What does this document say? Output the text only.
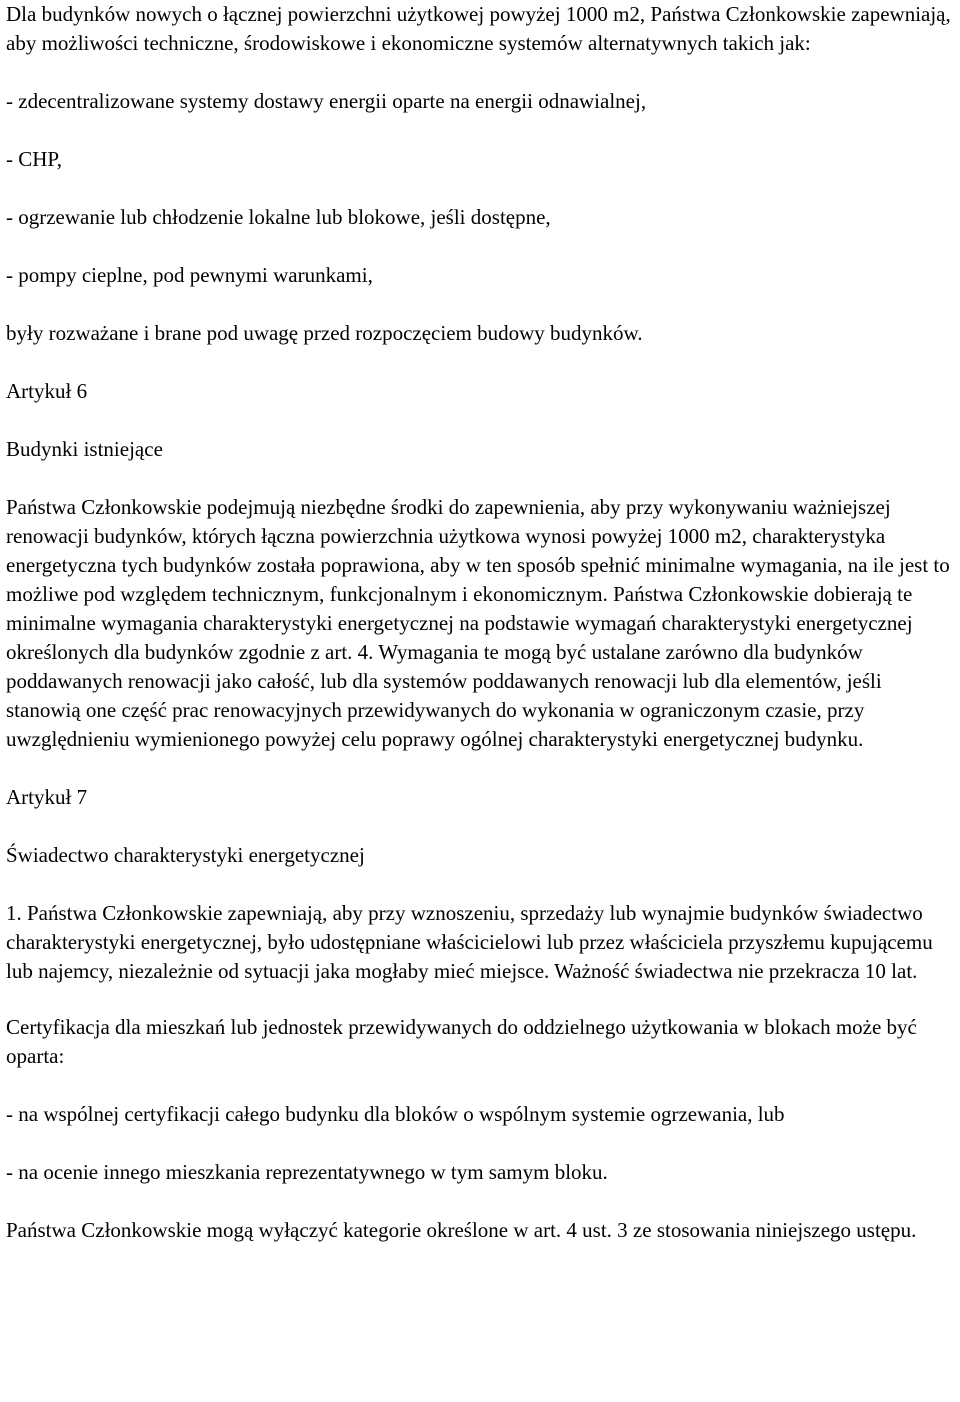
Dla budynków nowych o łącznej powierzchni użytkowej powyżej 1000 m2, Państwa Członkowskie zapewniają, aby możliwości techniczne, środowiskowe i ekonomiczne systemów alternatywnych takich jak:

- zdecentralizowane systemy dostawy energii oparte na energii odnawialnej,

- CHP,

- ogrzewanie lub chłodzenie lokalne lub blokowe, jeśli dostępne,

- pompy cieplne, pod pewnymi warunkami,

były rozważane i brane pod uwagę przed rozpoczęciem budowy budynków.

Artykuł 6

Budynki istniejące

Państwa Członkowskie podejmują niezbędne środki do zapewnienia, aby przy wykonywaniu ważniejszej renowacji budynków, których łączna powierzchnia użytkowa wynosi powyżej 1000 m2, charakterystyka energetyczna tych budynków została poprawiona, aby w ten sposób spełnić minimalne wymagania, na ile jest to możliwe pod względem technicznym, funkcjonalnym i ekonomicznym. Państwa Członkowskie dobierają te minimalne wymagania charakterystyki energetycznej na podstawie wymagań charakterystyki energetycznej określonych dla budynków zgodnie z art. 4. Wymagania te mogą być ustalane zarówno dla budynków poddawanych renowacji jako całość, lub dla systemów poddawanych renowacji lub dla elementów, jeśli stanowią one część prac renowacyjnych przewidywanych do wykonania w ograniczonym czasie, przy uwzględnieniu wymienionego powyżej celu poprawy ogólnej charakterystyki energetycznej budynku.

Artykuł 7

Świadectwo charakterystyki energetycznej

1. Państwa Członkowskie zapewniają, aby przy wznoszeniu, sprzedaży lub wynajmie budynków świadectwo charakterystyki energetycznej, było udostępniane właścicielowi lub przez właściciela przyszłemu kupującemu lub najemcy, niezależnie od sytuacji jaka mogłaby mieć miejsce. Ważność świadectwa nie przekracza 10 lat.

Certyfikacja dla mieszkań lub jednostek przewidywanych do oddzielnego użytkowania w blokach może być oparta:

- na wspólnej certyfikacji całego budynku dla bloków o wspólnym systemie ogrzewania, lub

- na ocenie innego mieszkania reprezentatywnego w tym samym bloku.

Państwa Członkowskie mogą wyłączyć kategorie określone w art. 4 ust. 3 ze stosowania niniejszego ustępu.
